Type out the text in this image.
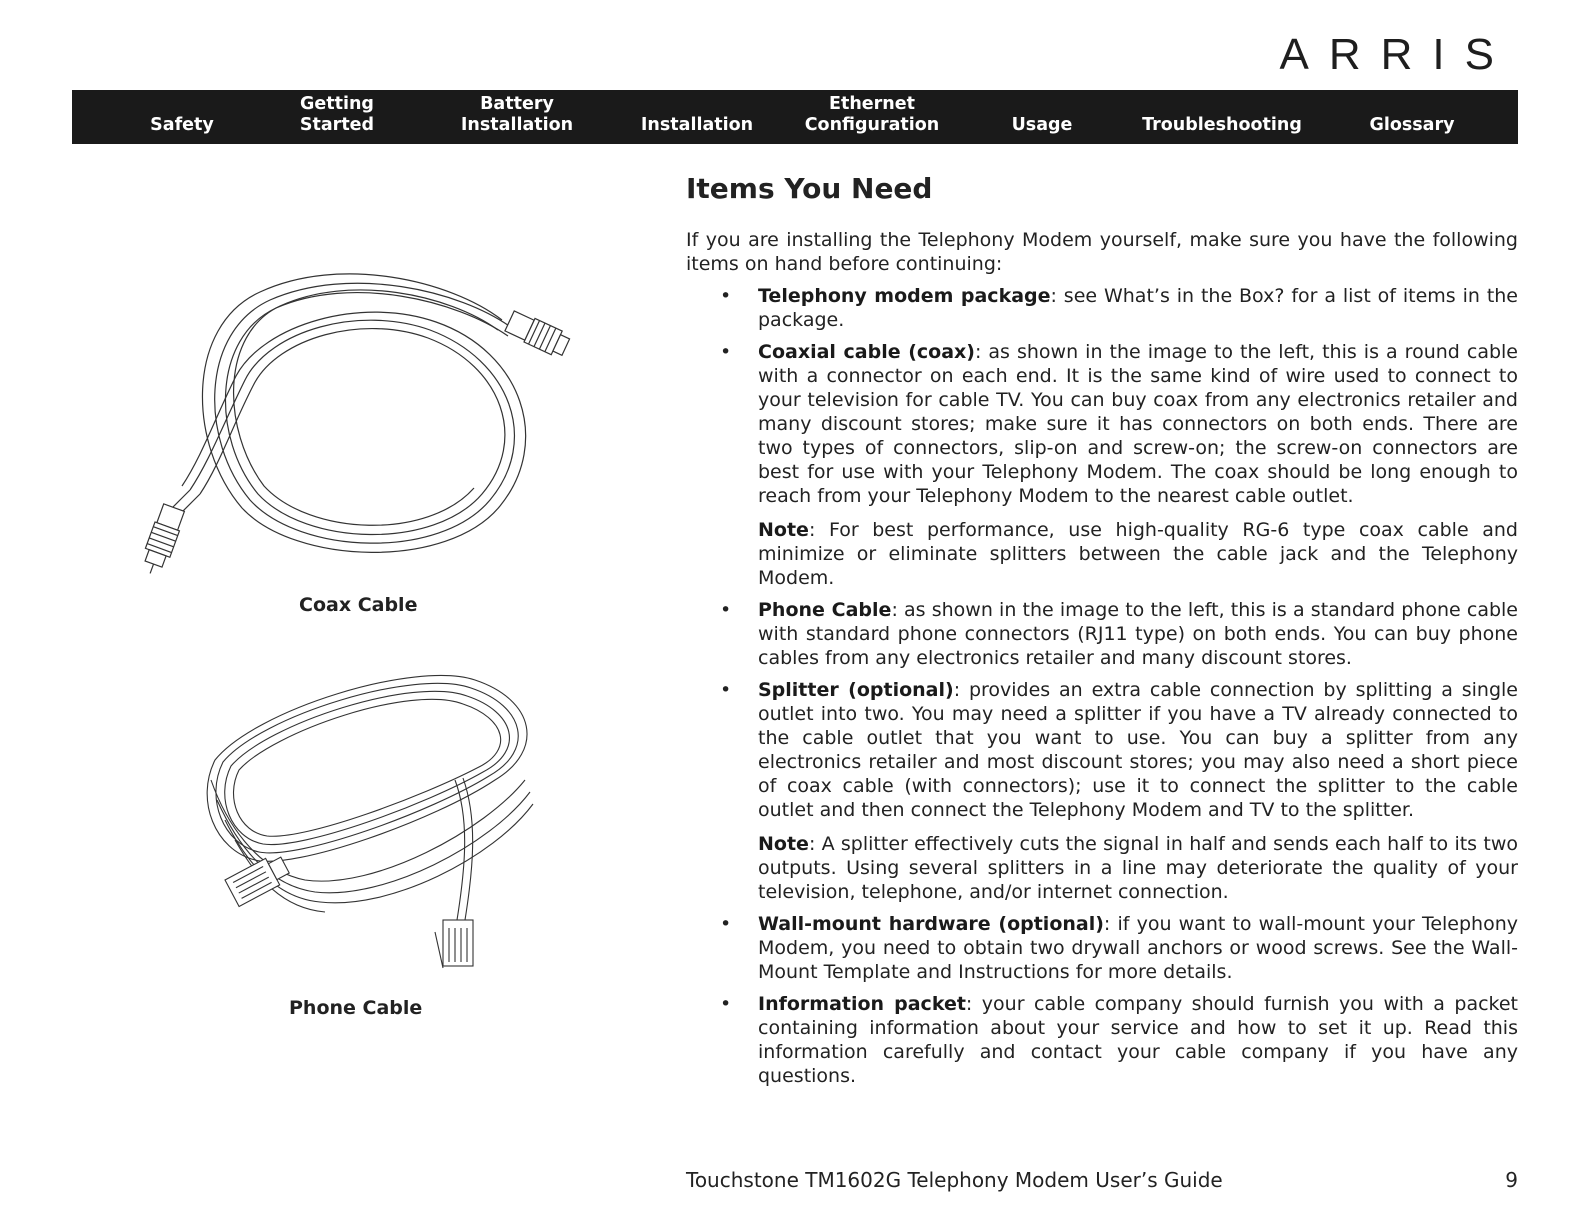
ARRIS
Safety
Getting
Started
Battery
Installation	Installation
Ethernet
Configuration	Usage	Troubleshooting	Glossary
Coax Cable
Phone Cable
Items You Need

If you are installing the Telephony Modem yourself, make sure you have the following items on hand before continuing:

• Telephony modem package: see What’s in the Box? for a list of items in the package.

• Coaxial cable (coax): as shown in the image to the left, this is a round cable with a connector on each end. It is the same kind of wire used to connect to your television for cable TV. You can buy coax from any electronics retailer and many discount stores; make sure it has connectors on both ends. There are two types of connectors, slip-on and screw-on; the screw-on connectors are best for use with your Telephony Modem. The coax should be long enough to reach from your Telephony Modem to the nearest cable outlet.

Note: For best performance, use high-quality RG-6 type coax cable and minimize or eliminate splitters between the cable jack and the Telephony Modem.

• Phone Cable: as shown in the image to the left, this is a standard phone cable with standard phone connectors (RJ11 type) on both ends. You can buy phone cables from any electronics retailer and many discount stores.

• Splitter (optional): provides an extra cable connection by splitting a single outlet into two. You may need a splitter if you have a TV already connected to the cable outlet that you want to use. You can buy a splitter from any electronics retailer and most discount stores; you may also need a short piece of coax cable (with connectors); use it to connect the splitter to the cable outlet and then connect the Telephony Modem and TV to the splitter.

Note: A splitter effectively cuts the signal in half and sends each half to its two outputs. Using several splitters in a line may deteriorate the quality of your television, telephone, and/or internet connection.

• Wall-mount hardware (optional): if you want to wall-mount your Telephony Modem, you need to obtain two drywall anchors or wood screws. See the Wall-Mount Template and Instructions for more details.

• Information packet: your cable company should furnish you with a packet containing information about your service and how to set it up. Read this information carefully and contact your cable company if you have any questions.

Touchstone TM1602G Telephony Modem User’s Guide	9
